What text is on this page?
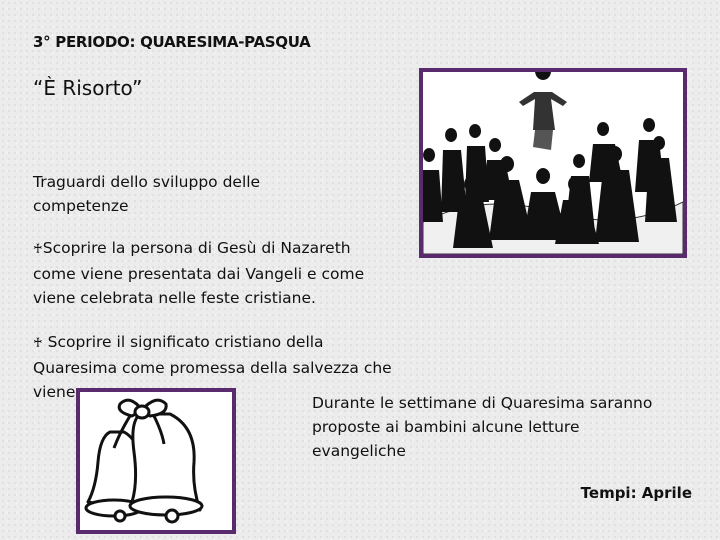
3° PERIODO: QUARESIMA-PASQUA
“È Risorto”
Traguardi dello sviluppo delle
competenze
♰Scoprire la persona di Gesù di Nazareth
come viene presentata dai Vangeli e come
viene celebrata nelle feste cristiane.
♰ Scoprire il significato cristiano della
Quaresima come promessa della salvezza che
viene
Durante le settimane di Quaresima saranno
proposte ai bambini alcune letture
evangeliche
Tempi: Aprile
